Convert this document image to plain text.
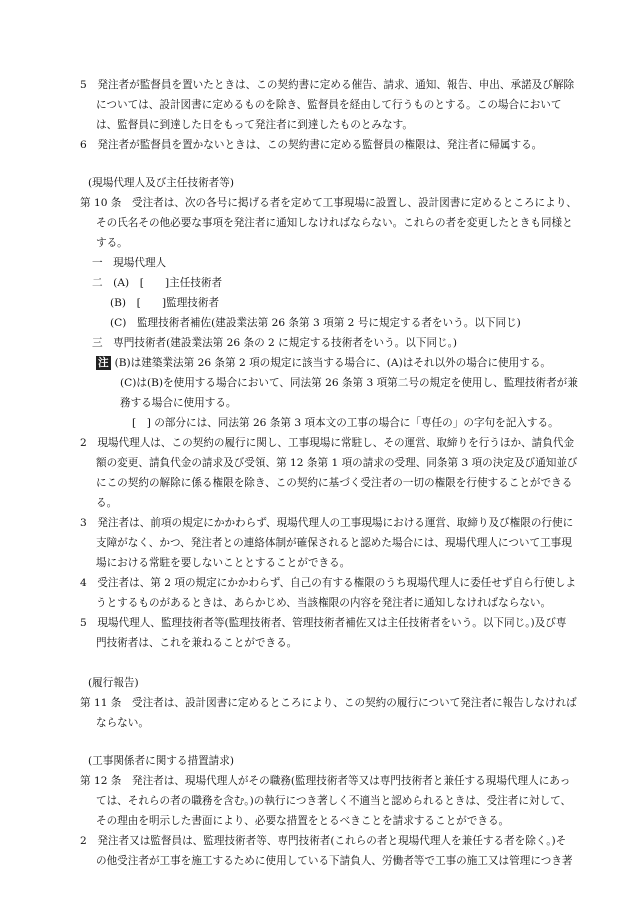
5　発注者が監督員を置いたときは、この契約書に定める催告、請求、通知、報告、申出、承諾及び解除
については、設計図書に定めるものを除き、監督員を経由して行うものとする。この場合において
は、監督員に到達した日をもって発注者に到達したものとみなす。
6　発注者が監督員を置かないときは、この契約書に定める監督員の権限は、発注者に帰属する。
(現場代理人及び主任技術者等)
第 10 条　受注者は、次の各号に掲げる者を定めて工事現場に設置し、設計図書に定めるところにより、
その氏名その他必要な事項を発注者に通知しなければならない。これらの者を変更したときも同様と
する。
一　現場代理人
二　(A)　[　　]主任技術者
(B)　[　　]監理技術者
(C)　監理技術者補佐(建設業法第 26 条第 3 項第 2 号に規定する者をいう。以下同じ)
三　専門技術者(建設業法第 26 条の 2 に規定する技術者をいう。以下同じ。)
注 (B)は建築業法第 26 条第 2 項の規定に該当する場合に、(A)はそれ以外の場合に使用する。
(C)は(B)を使用する場合において、同法第 26 条第 3 項第二号の規定を使用し、監理技術者が兼
務する場合に使用する。
[　] の部分には、同法第 26 条第 3 項本文の工事の場合に「専任の」の字句を記入する。
2　現場代理人は、この契約の履行に関し、工事現場に常駐し、その運営、取締りを行うほか、請負代金
額の変更、請負代金の請求及び受領、第 12 条第 1 項の請求の受理、同条第 3 項の決定及び通知並び
にこの契約の解除に係る権限を除き、この契約に基づく受注者の一切の権限を行使することができる
る。
3　発注者は、前項の規定にかかわらず、現場代理人の工事現場における運営、取締り及び権限の行使に
支障がなく、かつ、発注者との連絡体制が確保されると認めた場合には、現場代理人について工事現
場における常駐を要しないこととすることができる。
4　受注者は、第 2 項の規定にかかわらず、自己の有する権限のうち現場代理人に委任せず自ら行使しよ
うとするものがあるときは、あらかじめ、当該権限の内容を発注者に通知しなければならない。
5　現場代理人、監理技術者等(監理技術者、管理技術者補佐又は主任技術者をいう。以下同じ。)及び専
門技術者は、これを兼ねることができる。
(履行報告)
第 11 条　受注者は、設計図書に定めるところにより、この契約の履行について発注者に報告しなければ
ならない。
(工事関係者に関する措置請求)
第 12 条　発注者は、現場代理人がその職務(監理技術者等又は専門技術者と兼任する現場代理人にあっ
ては、それらの者の職務を含む。)の執行につき著しく不適当と認められるときは、受注者に対して、
その理由を明示した書面により、必要な措置をとるべきことを請求することができる。
2　発注者又は監督員は、監理技術者等、専門技術者(これらの者と現場代理人を兼任する者を除く。)そ
の他受注者が工事を施工するために使用している下請負人、労働者等で工事の施工又は管理につき著
